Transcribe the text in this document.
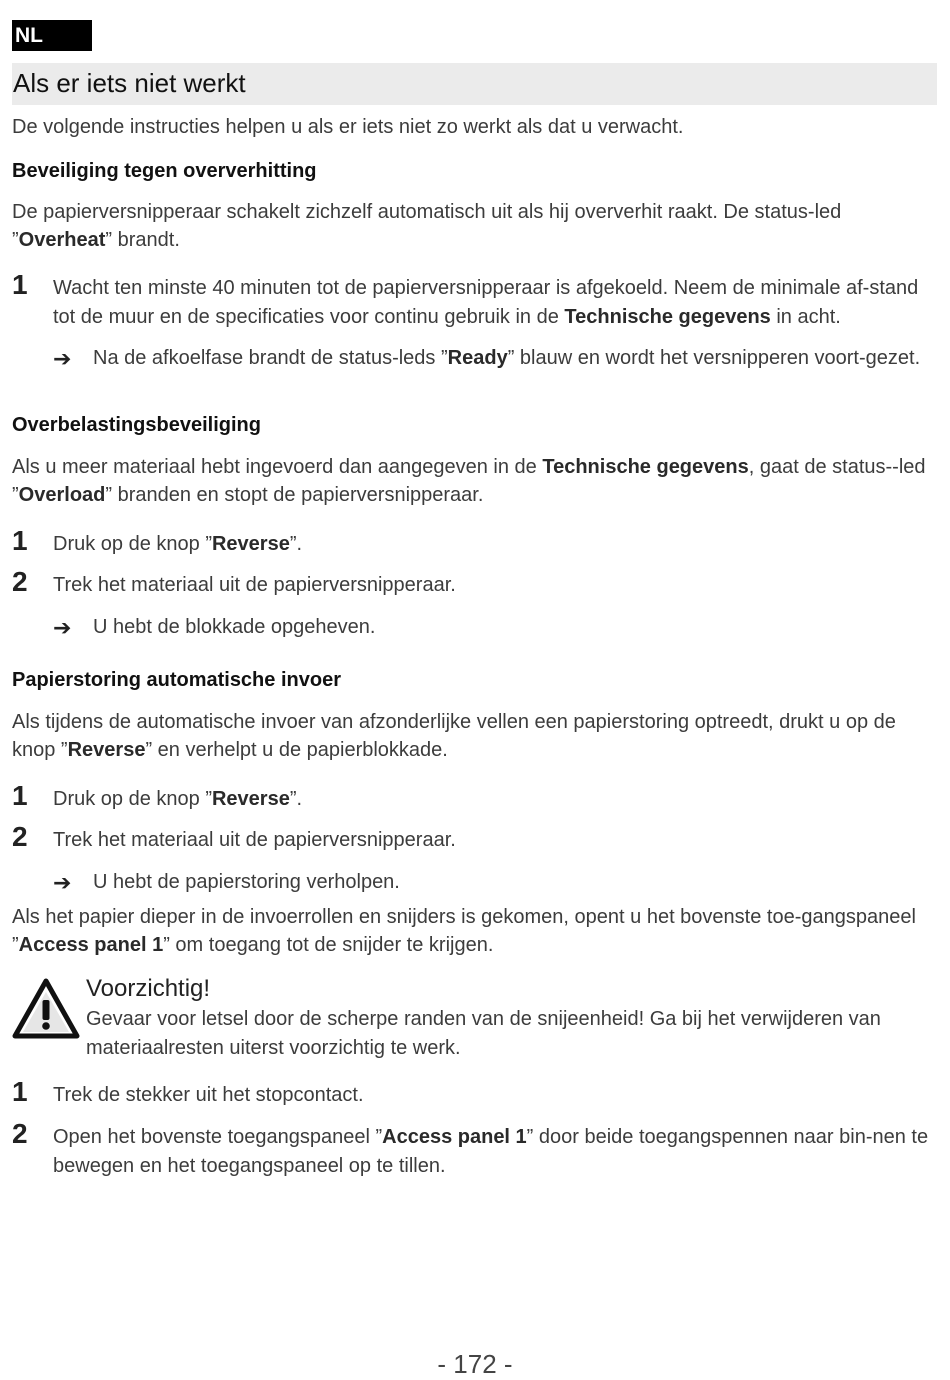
NL
Als er iets niet werkt
De volgende instructies helpen u als er iets niet zo werkt als dat u verwacht.
Beveiliging tegen oververhitting
De papierversnipperaar schakelt zichzelf automatisch uit als hij oververhit raakt. De status-led
”Overheat” brandt.
1 Wacht ten minste 40 minuten tot de papierversnipperaar is afgekoeld. Neem de minimale af-stand tot de muur en de specificaties voor continu gebruik in de Technische gegevens in acht.
➔ Na de afkoelfase brandt de status-leds ”Ready” blauw en wordt het versnipperen voort-gezet.
Overbelastingsbeveiliging
Als u meer materiaal hebt ingevoerd dan aangegeven in de Technische gegevens, gaat de status--led ”Overload” branden en stopt de papierversnipperaar.
1 Druk op de knop ”Reverse”.
2 Trek het materiaal uit de papierversnipperaar.
➔ U hebt de blokkade opgeheven.
Papierstoring automatische invoer
Als tijdens de automatische invoer van afzonderlijke vellen een papierstoring optreedt, drukt u op de knop ”Reverse” en verhelpt u de papierblokkade.
1 Druk op de knop ”Reverse”.
2 Trek het materiaal uit de papierversnipperaar.
➔ U hebt de papierstoring verholpen.
Als het papier dieper in de invoerrollen en snijders is gekomen, opent u het bovenste toe-gangspaneel ”Access panel 1” om toegang tot de snijder te krijgen.
Voorzichtig!
Gevaar voor letsel door de scherpe randen van de snijeenheid! Ga bij het verwijderen van materiaalresten uiterst voorzichtig te werk.
1 Trek de stekker uit het stopcontact.
2 Open het bovenste toegangspaneel ”Access panel 1” door beide toegangspennen naar bin-nen te bewegen en het toegangspaneel op te tillen.
- 172 -
